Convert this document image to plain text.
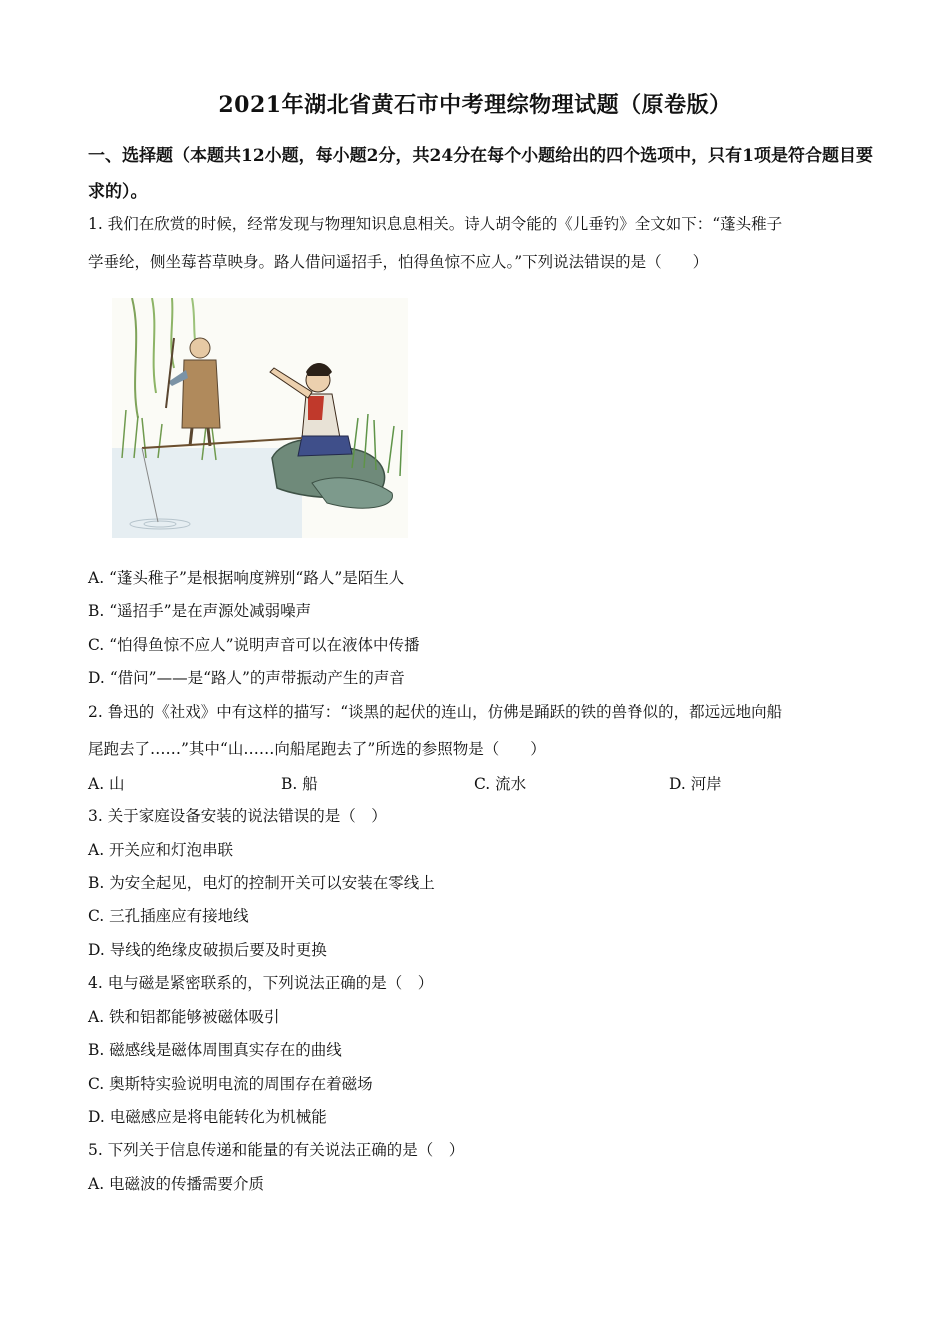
2021年湖北省黄石市中考理综物理试题（原卷版）
一、选择题（本题共12小题，每小题2分，共24分在每个小题给出的四个选项中，只有1项是符合题目要求的）。
1. 我们在欣赏的时候，经常发现与物理知识息息相关。诗人胡令能的《儿垂钓》全文如下：“蓬头稚子
学垂纶，侧坐莓苔草映身。路人借问遥招手，怕得鱼惊不应人。”下列说法错误的是（　　）
A. “蓬头稚子”是根据响度辨别“路人”是陌生人
B. “遥招手”是在声源处减弱噪声
C. “怕得鱼惊不应人”说明声音可以在液体中传播
D. “借问”——是“路人”的声带振动产生的声音
2. 鲁迅的《社戏》中有这样的描写：“谈黑的起伏的连山，仿佛是踊跃的铁的兽脊似的，都远远地向船
尾跑去了……”其中“山……向船尾跑去了”所选的参照物是（　　）
A. 山	B. 船	C. 流水	D. 河岸
3. 关于家庭设备安装的说法错误的是（　）
A. 开关应和灯泡串联
B. 为安全起见，电灯的控制开关可以安装在零线上
C. 三孔插座应有接地线
D. 导线的绝缘皮破损后要及时更换
4. 电与磁是紧密联系的，下列说法正确的是（　）
A. 铁和铝都能够被磁体吸引
B. 磁感线是磁体周围真实存在的曲线
C. 奥斯特实验说明电流的周围存在着磁场
D. 电磁感应是将电能转化为机械能
5. 下列关于信息传递和能量的有关说法正确的是（　）
A. 电磁波的传播需要介质
